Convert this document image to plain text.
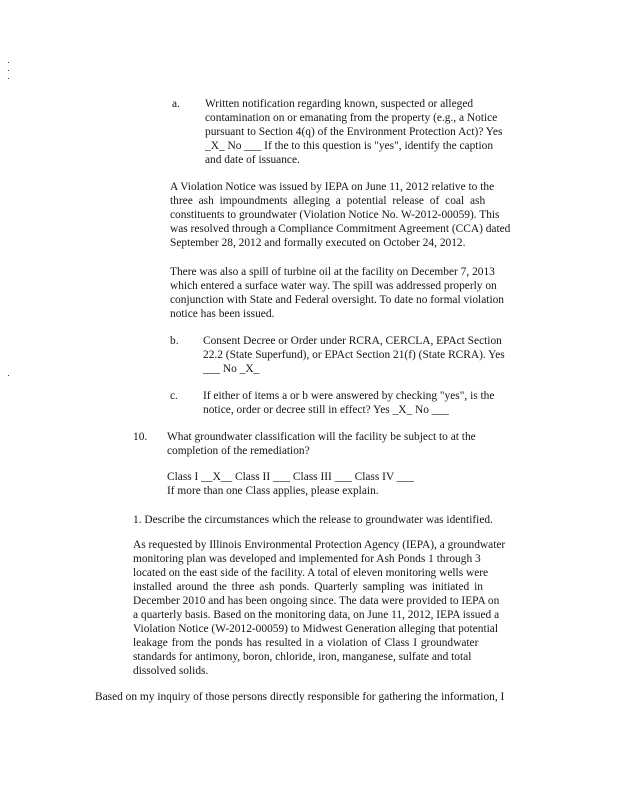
a. Written notification regarding known, suspected or alleged

contamination on or emanating from the property (e.g., a Notice

pursuant to Section 4(q) of the Environment Protection Act)? Yes

_X_ No ___ If the to this question is "yes", identify the caption

and date of issuance.

A Violation Notice was issued by IEPA on June 11, 2012 relative to the

three ash impoundments alleging a potential release of coal ash

constituents to groundwater (Violation Notice No. W-2012-00059). This

was resolved through a Compliance Commitment Agreement (CCA) dated

September 28, 2012 and formally executed on October 24, 2012.

There was also a spill of turbine oil at the facility on December 7, 2013

which entered a surface water way. The spill was addressed properly on

conjunction with State and Federal oversight. To date no formal violation

notice has been issued.

b. Consent Decree or Order under RCRA, CERCLA, EPAct Section

22.2 (State Superfund), or EPAct Section 21(f) (State RCRA). Yes

___ No _X_

c. If either of items a or b were answered by checking "yes", is the

notice, order or decree still in effect? Yes _X_ No ___

10. What groundwater classification will the facility be subject to at the

completion of the remediation?

Class I __X__ Class II ___ Class III ___ Class IV ___

If more than one Class applies, please explain.

1. Describe the circumstances which the release to groundwater was identified.

As requested by Illinois Environmental Protection Agency (IEPA), a groundwater

monitoring plan was developed and implemented for Ash Ponds 1 through 3

located on the east side of the facility. A total of eleven monitoring wells were

installed around the three ash ponds. Quarterly sampling was initiated in

December 2010 and has been ongoing since. The data were provided to IEPA on

a quarterly basis. Based on the monitoring data, on June 11, 2012, IEPA issued a

Violation Notice (W-2012-00059) to Midwest Generation alleging that potential

leakage from the ponds has resulted in a violation of Class I groundwater

standards for antimony, boron, chloride, iron, manganese, sulfate and total

dissolved solids.

Based on my inquiry of those persons directly responsible for gathering the information, I
